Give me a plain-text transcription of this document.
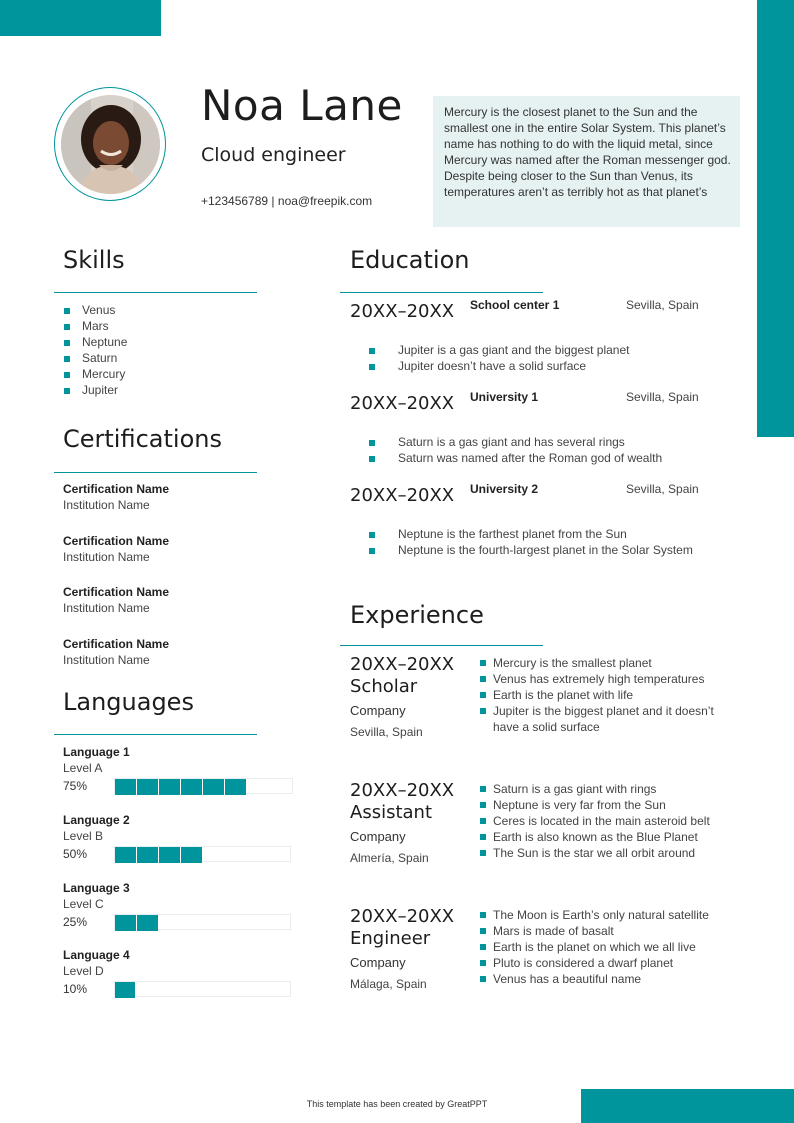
Noa Lane
Cloud engineer
+123456789 | noa@freepik.com
Mercury is the closest planet to the Sun and the smallest one in the entire Solar System. This planet’s name has nothing to do with the liquid metal, since Mercury was named after the Roman messenger god. Despite being closer to the Sun than Venus, its temperatures aren’t as terribly hot as that planet’s
Skills
Venus
Mars
Neptune
Saturn
Mercury
Jupiter
Certifications
Certification Name
Institution Name
Certification Name
Institution Name
Certification Name
Institution Name
Certification Name
Institution Name
Languages
Language 1
Level A
75%
Language 2
Level B
50%
Language 3
Level C
25%
Language 4
Level D
10%
Education
20XX–20XX School center 1	Sevilla, Spain
Jupiter is a gas giant and the biggest planet
Jupiter doesn’t have a solid surface
20XX–20XX University 1	Sevilla, Spain
Saturn is a gas giant and has several rings
Saturn was named after the Roman god of wealth
20XX–20XX University 2	Sevilla, Spain
Neptune is the farthest planet from the Sun
Neptune is the fourth-largest planet in the Solar System
Experience
20XX–20XX
Scholar
Company
Sevilla, Spain
Mercury is the smallest planet
Venus has extremely high temperatures
Earth is the planet with life
Jupiter is the biggest planet and it doesn’t have a solid surface
20XX–20XX
Assistant
Company
Almería, Spain
Saturn is a gas giant with rings
Neptune is very far from the Sun
Ceres is located in the main asteroid belt
Earth is also known as the Blue Planet
The Sun is the star we all orbit around
20XX–20XX
Engineer
Company
Málaga, Spain
The Moon is Earth’s only natural satellite
Mars is made of basalt
Earth is the planet on which we all live
Pluto is considered a dwarf planet
Venus has a beautiful name
This template has been created by GreatPPT
